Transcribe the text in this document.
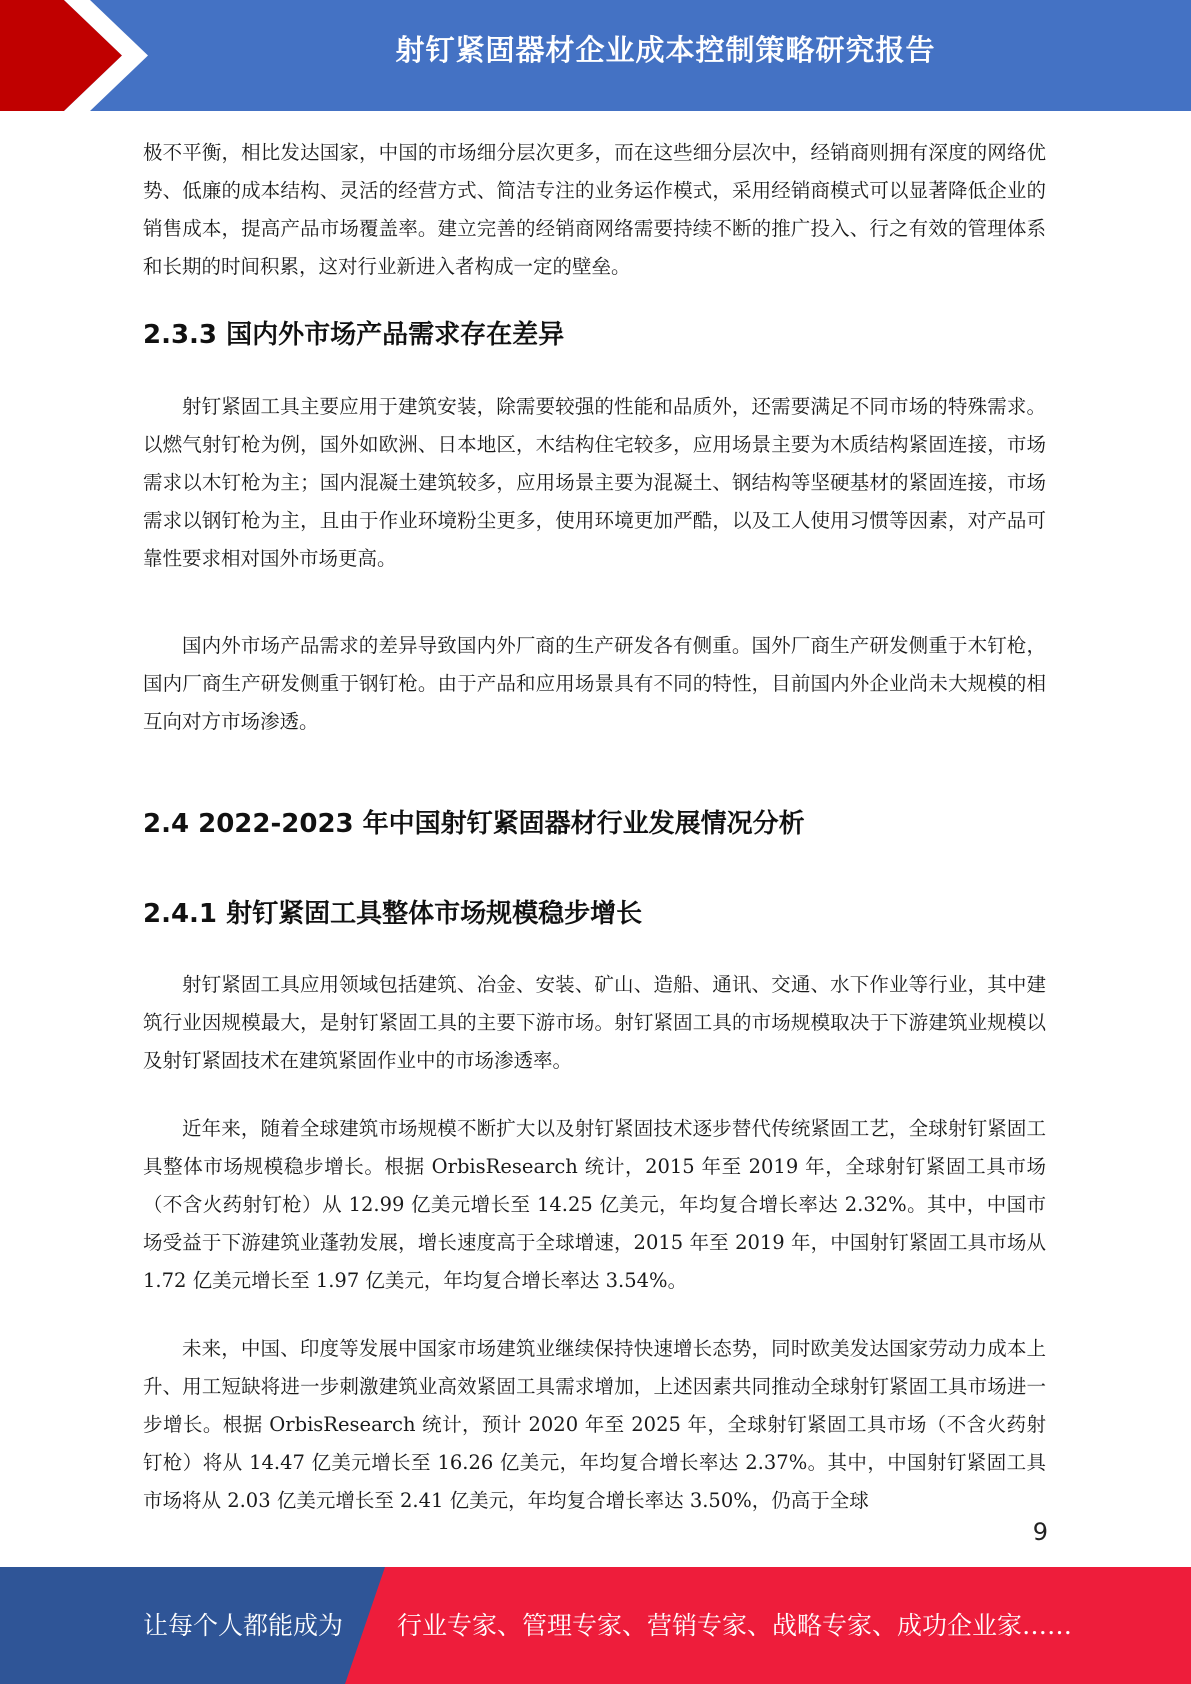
射钉紧固器材企业成本控制策略研究报告

极不平衡，相比发达国家，中国的市场细分层次更多，而在这些细分层次中，经销商则拥有深度的网络优势、低廉的成本结构、灵活的经营方式、简洁专注的业务运作模式，采用经销商模式可以显著降低企业的销售成本，提高产品市场覆盖率。建立完善的经销商网络需要持续不断的推广投入、行之有效的管理体系和长期的时间积累，这对行业新进入者构成一定的壁垒。

2.3.3 国内外市场产品需求存在差异

射钉紧固工具主要应用于建筑安装，除需要较强的性能和品质外，还需要满足不同市场的特殊需求。以燃气射钉枪为例，国外如欧洲、日本地区，木结构住宅较多，应用场景主要为木质结构紧固连接，市场需求以木钉枪为主；国内混凝土建筑较多，应用场景主要为混凝土、钢结构等坚硬基材的紧固连接，市场需求以钢钉枪为主，且由于作业环境粉尘更多，使用环境更加严酷，以及工人使用习惯等因素，对产品可靠性要求相对国外市场更高。

国内外市场产品需求的差异导致国内外厂商的生产研发各有侧重。国外厂商生产研发侧重于木钉枪，国内厂商生产研发侧重于钢钉枪。由于产品和应用场景具有不同的特性，目前国内外企业尚未大规模的相互向对方市场渗透。

2.4 2022-2023 年中国射钉紧固器材行业发展情况分析
2.4.1 射钉紧固工具整体市场规模稳步增长

射钉紧固工具应用领域包括建筑、冶金、安装、矿山、造船、通讯、交通、水下作业等行业，其中建筑行业因规模最大，是射钉紧固工具的主要下游市场。射钉紧固工具的市场规模取决于下游建筑业规模以及射钉紧固技术在建筑紧固作业中的市场渗透率。

近年来，随着全球建筑市场规模不断扩大以及射钉紧固技术逐步替代传统紧固工艺，全球射钉紧固工具整体市场规模稳步增长。根据 OrbisResearch 统计，2015 年至 2019 年，全球射钉紧固工具市场（不含火药射钉枪）从 12.99 亿美元增长至 14.25 亿美元，年均复合增长率达 2.32%。其中，中国市场受益于下游建筑业蓬勃发展，增长速度高于全球增速，2015 年至 2019 年，中国射钉紧固工具市场从 1.72 亿美元增长至 1.97 亿美元，年均复合增长率达 3.54%。

未来，中国、印度等发展中国家市场建筑业继续保持快速增长态势，同时欧美发达国家劳动力成本上升、用工短缺将进一步刺激建筑业高效紧固工具需求增加，上述因素共同推动全球射钉紧固工具市场进一步增长。根据 OrbisResearch 统计，预计 2020 年至 2025 年，全球射钉紧固工具市场（不含火药射钉枪）将从 14.47 亿美元增长至 16.26 亿美元，年均复合增长率达 2.37%。其中，中国射钉紧固工具市场将从 2.03 亿美元增长至 2.41 亿美元，年均复合增长率达 3.50%，仍高于全球

9
让每个人都能成为 行业专家、管理专家、营销专家、战略专家、成功企业家……
